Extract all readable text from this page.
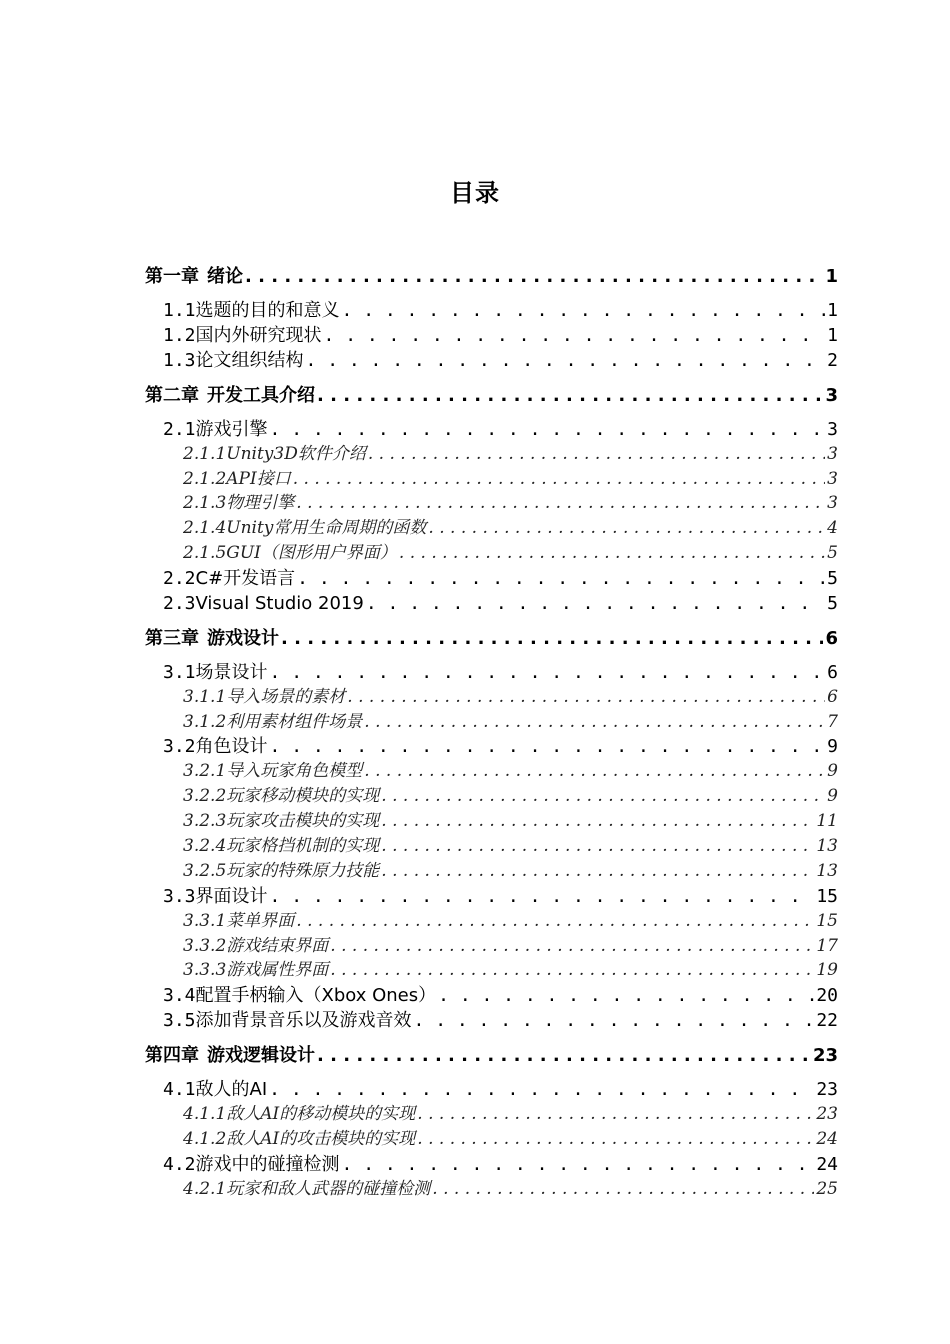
目录
第一章 绪论 . . .	1
1.1 选题的目的和意义 . . .	1
1.2 国内外研究现状 . . .	1
1.3 论文组织结构 . . .	2
第二章 开发工具介绍 . . .	3
2.1 游戏引擎 . . .	3
2.1.1 Unity3D软件介绍 . . .	3
2.1.2 API接口 . . .	3
2.1.3 物理引擎 . . .	3
2.1.4 Unity常用生命周期的函数 . . .	4
2.1.5 GUI（图形用户界面） . . .	5
2.2 C#开发语言 . . .	5
2.3 Visual Studio 2019 . . .	5
第三章 游戏设计 . . .	6
3.1 场景设计 . . .	6
3.1.1 导入场景的素材 . . .	6
3.1.2 利用素材组件场景 . . .	7
3.2 角色设计 . . .	9
3.2.1 导入玩家角色模型 . . .	9
3.2.2 玩家移动模块的实现 . . .	9
3.2.3 玩家攻击模块的实现 . . .	11
3.2.4 玩家格挡机制的实现 . . .	13
3.2.5 玩家的特殊原力技能 . . .	13
3.3 界面设计 . . .	15
3.3.1 菜单界面 . . .	15
3.3.2 游戏结束界面 . . .	17
3.3.3 游戏属性界面 . . .	19
3.4 配置手柄输入（Xbox Ones） . . .	20
3.5 添加背景音乐以及游戏音效 . . .	22
第四章 游戏逻辑设计 . . .	23
4.1 敌人的AI . . .	23
4.1.1 敌人AI的移动模块的实现 . . .	23
4.1.2 敌人AI的攻击模块的实现 . . .	24
4.2 游戏中的碰撞检测 . . .	24
4.2.1 玩家和敌人武器的碰撞检测 . . .	25
